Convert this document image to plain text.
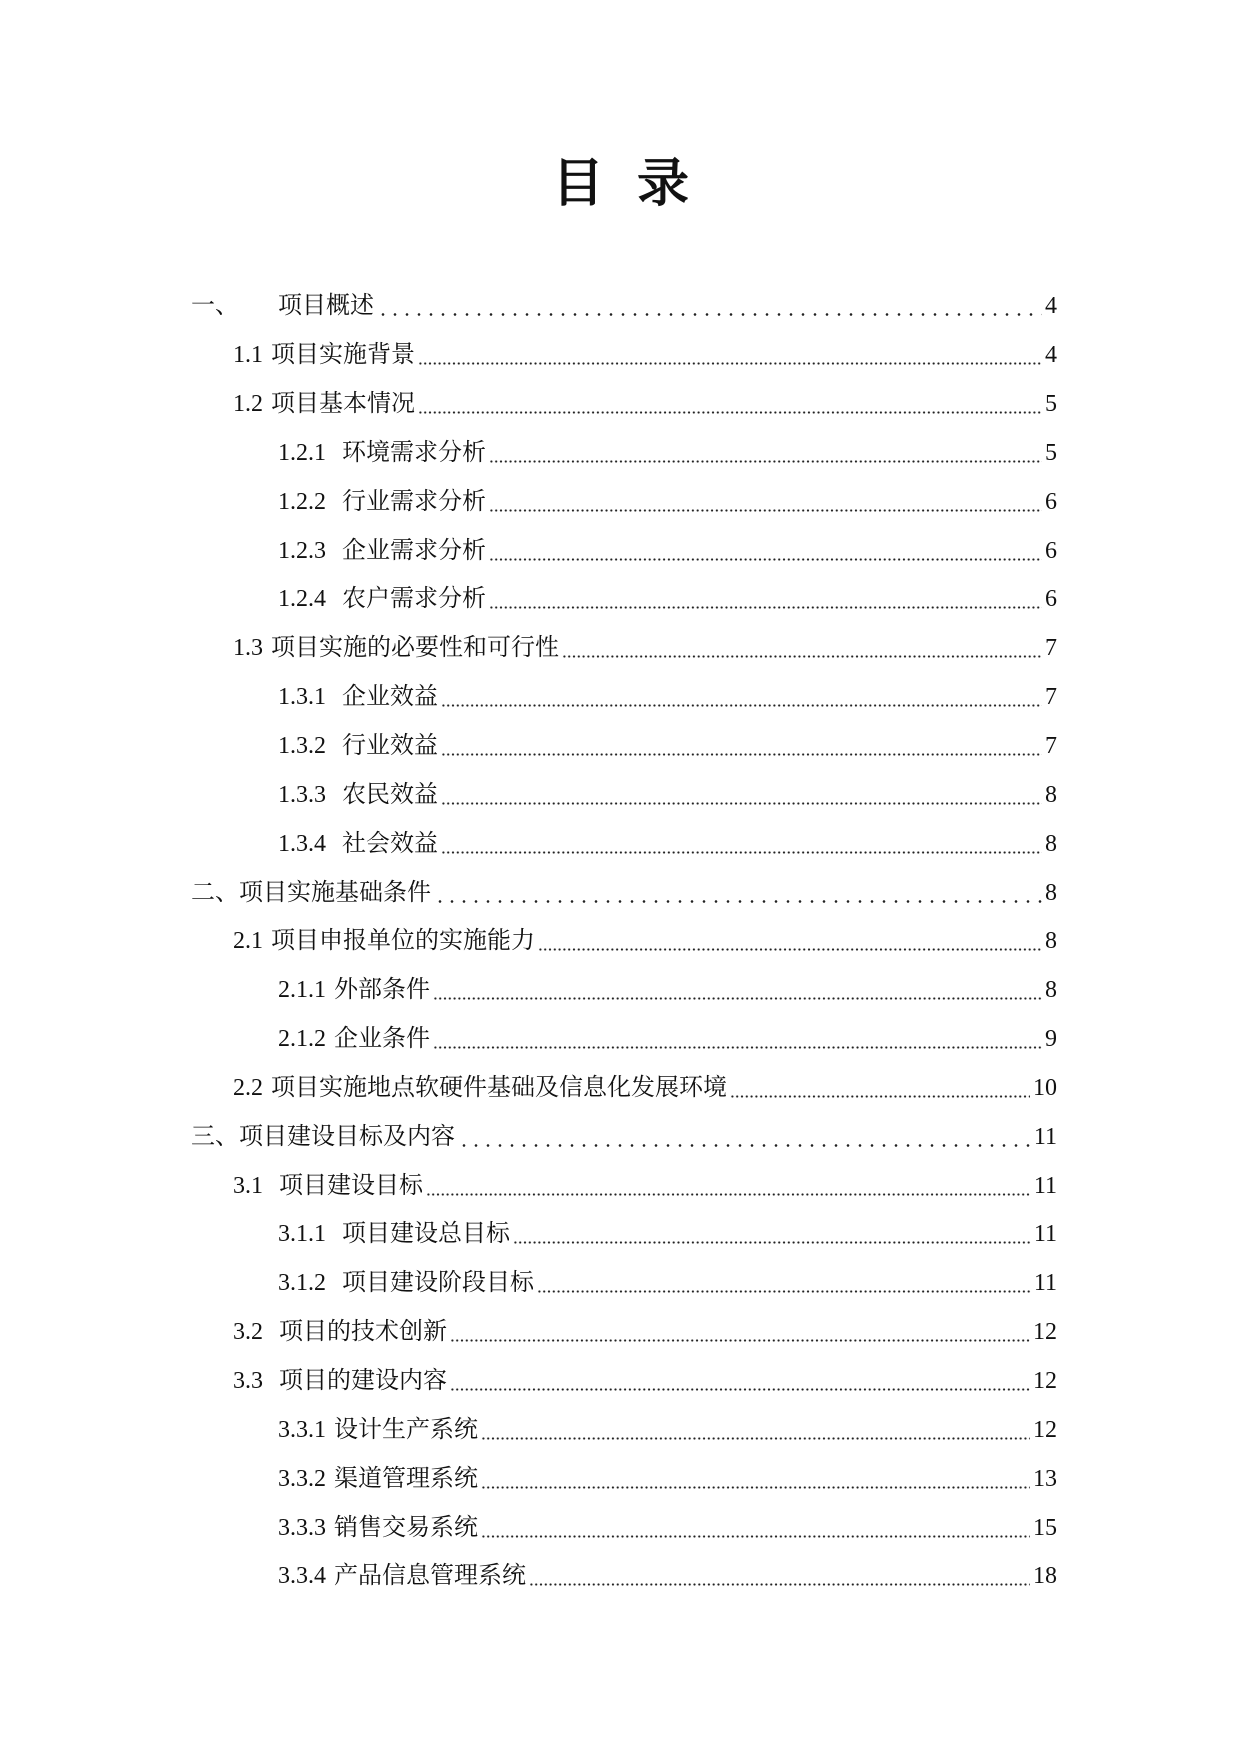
目 录
一、	项目概述	4
1.1 项目实施背景	4
1.2 项目基本情况	5
1.2.1 环境需求分析	5
1.2.2 行业需求分析	6
1.2.3 企业需求分析	6
1.2.4 农户需求分析	6
1.3 项目实施的必要性和可行性	7
1.3.1 企业效益	7
1.3.2 行业效益	7
1.3.3 农民效益	8
1.3.4 社会效益	8
二、 项目实施基础条件	8
2.1 项目申报单位的实施能力	8
2.1.1 外部条件	8
2.1.2 企业条件	9
2.2 项目实施地点软硬件基础及信息化发展环境	10
三、 项目建设目标及内容	11
3.1 项目建设目标	11
3.1.1 项目建设总目标	11
3.1.2 项目建设阶段目标	11
3.2 项目的技术创新	12
3.3 项目的建设内容	12
3.3.1 设计生产系统	12
3.3.2 渠道管理系统	13
3.3.3 销售交易系统	15
3.3.4 产品信息管理系统	18
